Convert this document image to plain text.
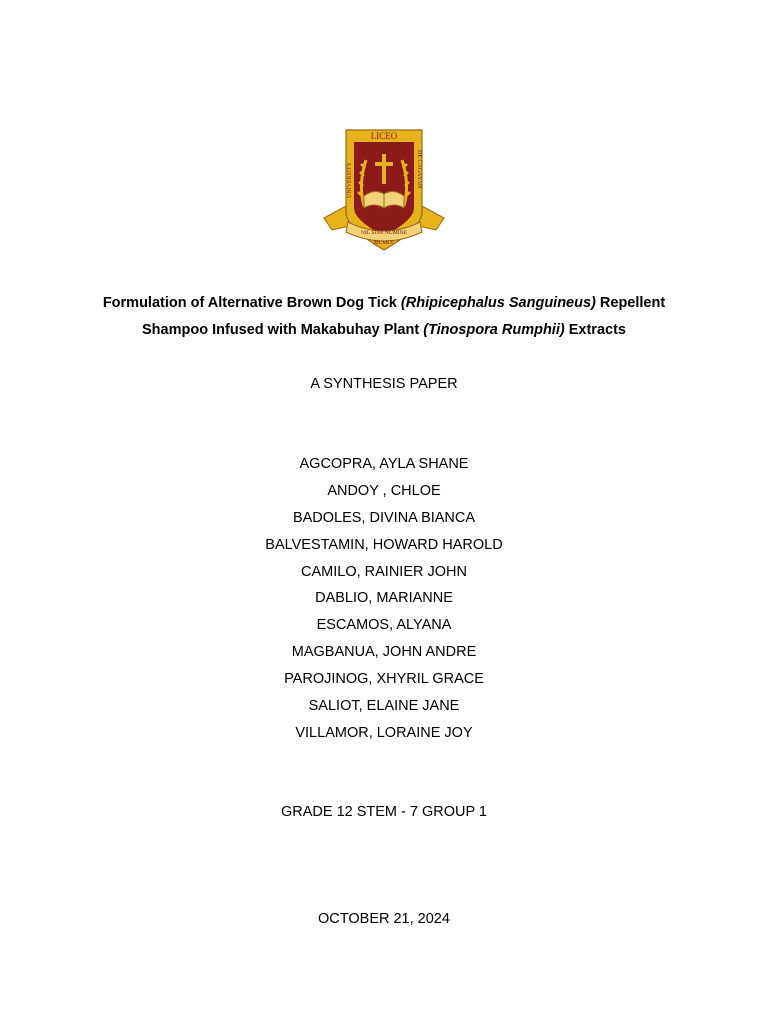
LICEO
UNIVERSITY	DE CAGAYAN
NIL SINE NUMINE
MCMLV
Formulation of Alternative Brown Dog Tick (Rhipicephalus Sanguineus) Repellent
Shampoo Infused with Makabuhay Plant (Tinospora Rumphii) Extracts
A SYNTHESIS PAPER
AGCOPRA, AYLA SHANE
ANDOY , CHLOE
BADOLES, DIVINA BIANCA
BALVESTAMIN, HOWARD HAROLD
CAMILO, RAINIER JOHN
DABLIO, MARIANNE
ESCAMOS, ALYANA
MAGBANUA, JOHN ANDRE
PAROJINOG, XHYRIL GRACE
SALIOT, ELAINE JANE
VILLAMOR, LORAINE JOY
GRADE 12 STEM - 7 GROUP 1
OCTOBER 21, 2024
